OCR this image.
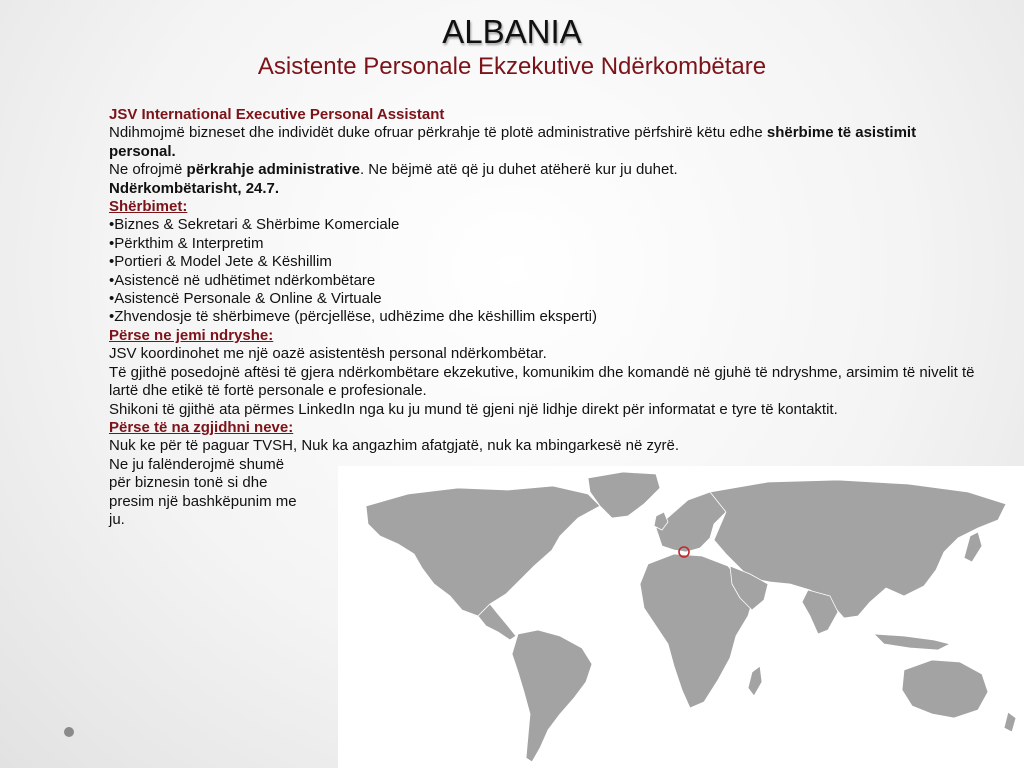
ALBANIA
Asistente Personale Ekzekutive Ndërkombëtare

JSV International Executive Personal Assistant

Ndihmojmë bizneset dhe individët duke ofruar përkrahje të plotë administrative përfshirë këtu edhe shërbime të asistimit personal.

Ne ofrojmë përkrahje administrative. Ne bëjmë atë që ju duhet atëherë kur ju duhet.

Ndërkombëtarisht, 24.7.

Shërbimet:

•Biznes & Sekretari & Shërbime Komerciale

•Përkthim & Interpretim

•Portieri & Model Jete & Këshillim

•Asistencë në udhëtimet ndërkombëtare

•Asistencë Personale & Online & Virtuale

•Zhvendosje të shërbimeve (përcjellëse, udhëzime dhe këshillim eksperti)

Përse ne jemi ndryshe:

JSV koordinohet me një oazë asistentësh personal ndërkombëtar.

Të gjithë posedojnë aftësi të gjera ndërkombëtare ekzekutive, komunikim dhe komandë në gjuhë të ndryshme, arsimim të nivelit të lartë dhe etikë të fortë personale e profesionale.

Shikoni të gjithë ata përmes LinkedIn nga ku ju mund të gjeni një lidhje direkt për informatat e tyre të kontaktit.

Përse të na zgjidhni neve:

Nuk ke për të paguar TVSH, Nuk ka angazhim afatgjatë, nuk ka mbingarkesë në zyrë.

Ne ju falënderojmë shumë

për biznesin tonë si dhe

presim një bashkëpunim me

ju.
